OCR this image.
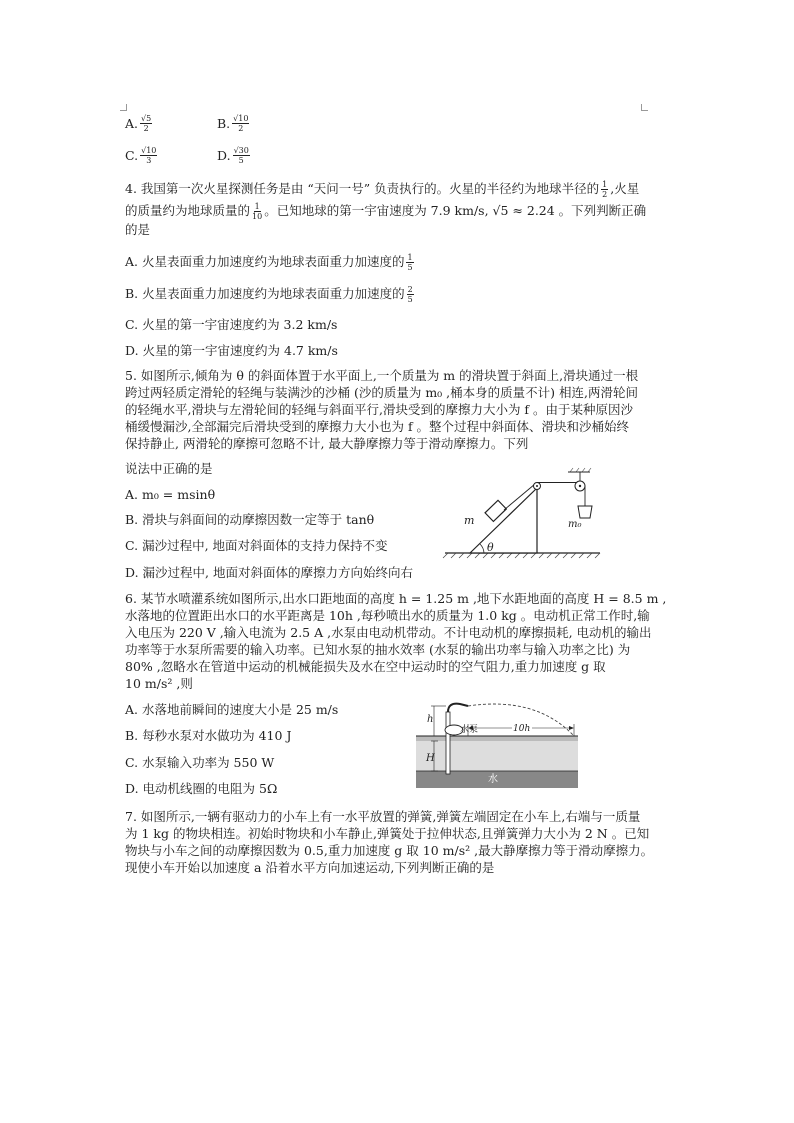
A. $\frac{√5}{2}$	B. $\frac{√10}{2}$
C. $\frac{√10}{3}$	D. $\frac{√30}{5}$
4. 我国第一次火星探测任务是由 “天问一号” 负责执行的。火星的半径约为地球半径的 $\frac{1}{2}$ ,火星
的质量约为地球质量的 $\frac{1}{10}$ 。已知地球的第一宇宙速度为 7.9 km/s, √5 ≈ 2.24 。下列判断正确
的是
A. 火星表面重力加速度约为地球表面重力加速度的 $\frac{1}{5}$
B. 火星表面重力加速度约为地球表面重力加速度的 $\frac{2}{5}$
C. 火星的第一宇宙速度约为 3.2 km/s
D. 火星的第一宇宙速度约为 4.7 km/s
5. 如图所示,倾角为 θ 的斜面体置于水平面上,一个质量为 m 的滑块置于斜面上,滑块通过一根
跨过两轻质定滑轮的轻绳与装满沙的沙桶 (沙的质量为 m₀ ,桶本身的质量不计) 相连,两滑轮间
的轻绳水平,滑块与左滑轮间的轻绳与斜面平行,滑块受到的摩擦力大小为 f 。由于某种原因沙
桶缓慢漏沙,全部漏完后滑块受到的摩擦力大小也为 f 。整个过程中斜面体、滑块和沙桶始终
保持静止, 两滑轮的摩擦可忽略不计, 最大静摩擦力等于滑动摩擦力。下列
说法中正确的是
A. m₀ = msinθ
B. 滑块与斜面间的动摩擦因数一定等于 tanθ
C. 漏沙过程中, 地面对斜面体的支持力保持不变
D. 漏沙过程中, 地面对斜面体的摩擦力方向始终向右
m
θ
m₀
6. 某节水喷灌系统如图所示,出水口距地面的高度 h = 1.25 m ,地下水距地面的高度 H = 8.5 m ,
水落地的位置距出水口的水平距离是 10h ,每秒喷出水的质量为 1.0 kg 。电动机正常工作时,输
入电压为 220 V ,输入电流为 2.5 A ,水泵由电动机带动。不计电动机的摩擦损耗, 电动机的输出
功率等于水泵所需要的输入功率。已知水泵的抽水效率 (水泵的输出功率与输入功率之比) 为
80% ,忽略水在管道中运动的机械能损失及水在空中运动时的空气阻力,重力加速度 g 取
10 m/s² ,则
A. 水落地前瞬间的速度大小是 25 m/s
B. 每秒水泵对水做功为 410 J
C. 水泵输入功率为 550 W
D. 电动机线圈的电阻为 5Ω
h
水泵	10h
H
水
7. 如图所示,一辆有驱动力的小车上有一水平放置的弹簧,弹簧左端固定在小车上,右端与一质量
为 1 kg 的物块相连。初始时物块和小车静止,弹簧处于拉伸状态,且弹簧弹力大小为 2 N 。已知
物块与小车之间的动摩擦因数为 0.5,重力加速度 g 取 10 m/s² ,最大静摩擦力等于滑动摩擦力。
现使小车开始以加速度 a 沿着水平方向加速运动,下列判断正确的是
